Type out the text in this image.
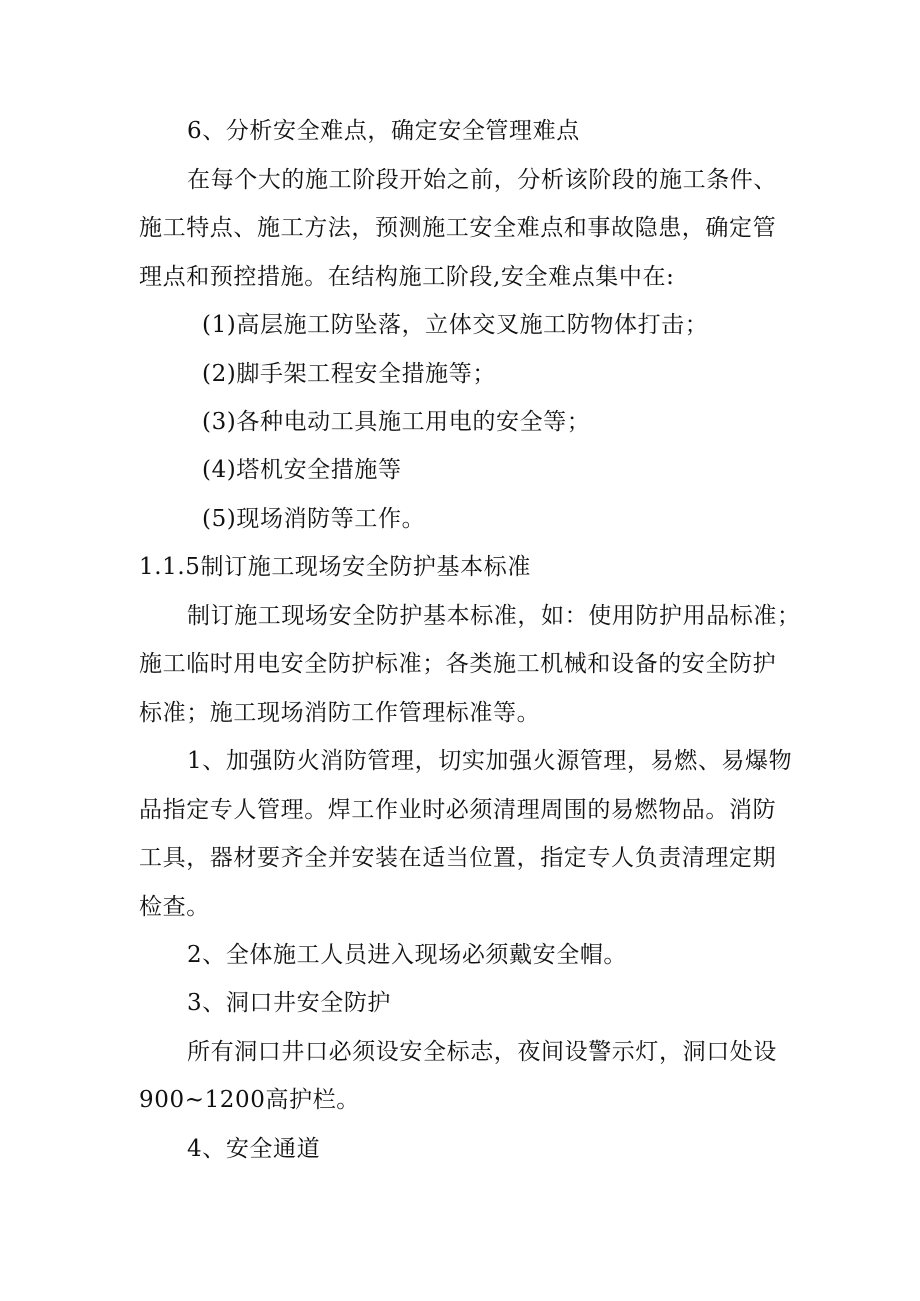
6、分析安全难点，确定安全管理难点
在每个大的施工阶段开始之前，分析该阶段的施工条件、
施工特点、施工方法，预测施工安全难点和事故隐患，确定管
理点和预控措施。在结构施工阶段,安全难点集中在:
(1)高层施工防坠落，立体交叉施工防物体打击；
(2)脚手架工程安全措施等；
(3)各种电动工具施工用电的安全等；
(4)塔机安全措施等
(5)现场消防等工作。
1.1.5制订施工现场安全防护基本标准
制订施工现场安全防护基本标准，如：使用防护用品标准；
施工临时用电安全防护标准；各类施工机械和设备的安全防护
标准；施工现场消防工作管理标准等。
1、加强防火消防管理，切实加强火源管理，易燃、易爆物
品指定专人管理。焊工作业时必须清理周围的易燃物品。消防
工具，器材要齐全并安装在适当位置，指定专人负责清理定期
检查。
2、全体施工人员进入现场必须戴安全帽。
3、洞口井安全防护
所有洞口井口必须设安全标志，夜间设警示灯，洞口处设
900~1200高护栏。
4、安全通道
